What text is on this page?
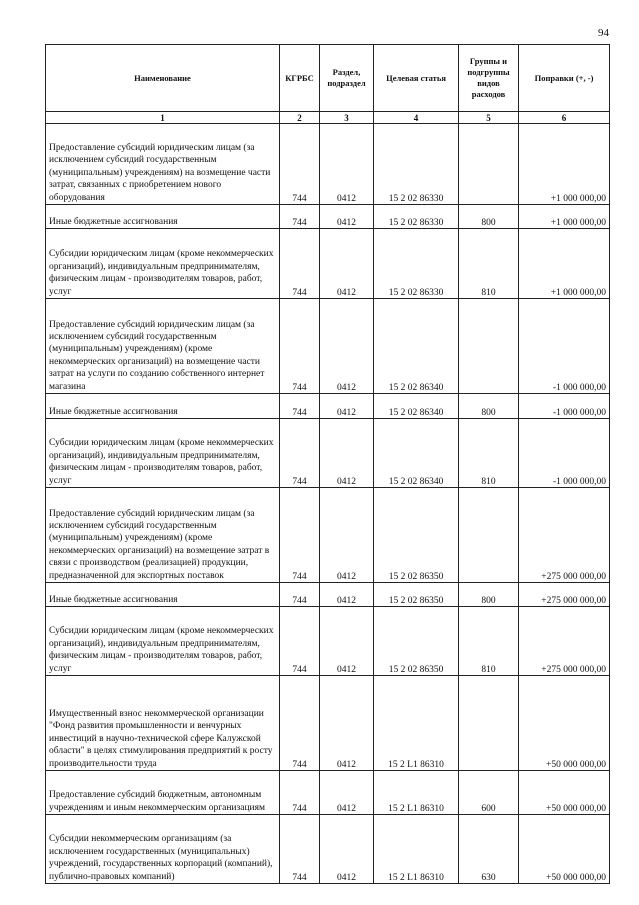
94
Наименование	КГРБС	Раздел, подраздел	Целевая статья	Группы и подгруппы видов расходов	Поправки (+, -)
1	2	3	4	5	6
Предоставление субсидий юридическим лицам (за исключением субсидий государственным (муниципальным) учреждениям) на возмещение части затрат, связанных с приобретением нового оборудования	744	0412	15 2 02 86330		+1 000 000,00
Иные бюджетные ассигнования	744	0412	15 2 02 86330	800	+1 000 000,00
Субсидии юридическим лицам (кроме некоммерческих организаций), индивидуальным предпринимателям, физическим лицам - производителям товаров, работ, услуг	744	0412	15 2 02 86330	810	+1 000 000,00
Предоставление субсидий юридическим лицам (за исключением субсидий государственным (муниципальным) учреждениям) (кроме некоммерческих организаций) на возмещение части затрат на услуги по созданию собственного интернет магазина	744	0412	15 2 02 86340		-1 000 000,00
Иные бюджетные ассигнования	744	0412	15 2 02 86340	800	-1 000 000,00
Субсидии юридическим лицам (кроме некоммерческих организаций), индивидуальным предпринимателям, физическим лицам - производителям товаров, работ, услуг	744	0412	15 2 02 86340	810	-1 000 000,00
Предоставление субсидий юридическим лицам (за исключением субсидий государственным (муниципальным) учреждениям) (кроме некоммерческих организаций) на возмещение затрат в связи с производством (реализацией) продукции, предназначенной для экспортных поставок	744	0412	15 2 02 86350		+275 000 000,00
Иные бюджетные ассигнования	744	0412	15 2 02 86350	800	+275 000 000,00
Субсидии юридическим лицам (кроме некоммерческих организаций), индивидуальным предпринимателям, физическим лицам - производителям товаров, работ, услуг	744	0412	15 2 02 86350	810	+275 000 000,00
Имущественный взнос некоммерческой организации "Фонд развития промышленности и венчурных инвестиций в научно-технической сфере Калужской области" в целях стимулирования предприятий к росту производительности труда	744	0412	15 2 L1 86310		+50 000 000,00
Предоставление субсидий бюджетным, автономным учреждениям и иным некоммерческим организациям	744	0412	15 2 L1 86310	600	+50 000 000,00
Субсидии некоммерческим организациям (за исключением государственных (муниципальных) учреждений, государственных корпораций (компаний), публично-правовых компаний)	744	0412	15 2 L1 86310	630	+50 000 000,00
